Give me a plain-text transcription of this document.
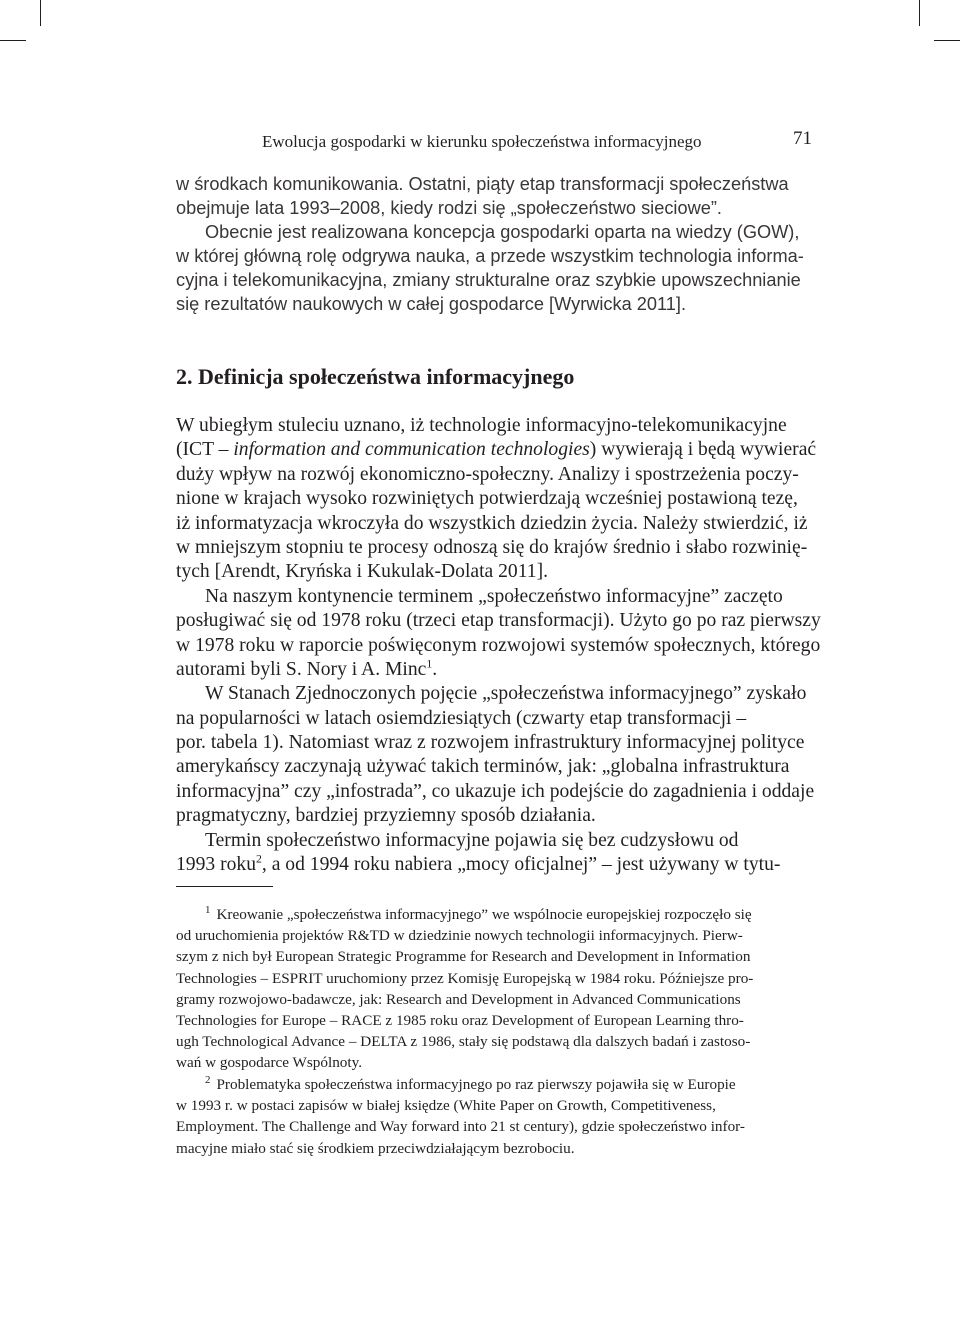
Ewolucja gospodarki w kierunku społeczeństwa informacyjnego	71
w środkach komunikowania. Ostatni, piąty etap transformacji społeczeństwa
obejmuje lata 1993–2008, kiedy rodzi się „społeczeństwo sieciowe”.
Obecnie jest realizowana koncepcja gospodarki oparta na wiedzy (GOW),
w której główną rolę odgrywa nauka, a przede wszystkim technologia informa-
cyjna i telekomunikacyjna, zmiany strukturalne oraz szybkie upowszechnianie
się rezultatów naukowych w całej gospodarce [Wyrwicka 2011].
2. Definicja społeczeństwa informacyjnego
W ubiegłym stuleciu uznano, iż technologie informacyjno-telekomunikacyjne
(ICT – information and communication technologies) wywierają i będą wywierać
duży wpływ na rozwój ekonomiczno-społeczny. Analizy i spostrzeżenia poczy-
nione w krajach wysoko rozwiniętych potwierdzają wcześniej postawioną tezę,
iż informatyzacja wkroczyła do wszystkich dziedzin życia. Należy stwierdzić, iż
w mniejszym stopniu te procesy odnoszą się do krajów średnio i słabo rozwinię-
tych [Arendt, Kryńska i Kukulak-Dolata 2011].
Na naszym kontynencie terminem „społeczeństwo informacyjne” zaczęto
posługiwać się od 1978 roku (trzeci etap transformacji). Użyto go po raz pierwszy
w 1978 roku w raporcie poświęconym rozwojowi systemów społecznych, którego
autorami byli S. Nory i A. Minc$^1$.
W Stanach Zjednoczonych pojęcie „społeczeństwa informacyjnego” zyskało
na popularności w latach osiemdziesiątych (czwarty etap transformacji –
por. tabela 1). Natomiast wraz z rozwojem infrastruktury informacyjnej polityce
amerykańscy zaczynają używać takich terminów, jak: „globalna infrastruktura
informacyjna” czy „infostrada”, co ukazuje ich podejście do zagadnienia i oddaje
pragmatyczny, bardziej przyziemny sposób działania.
Termin społeczeństwo informacyjne pojawia się bez cudzysłowu od
1993 roku$^2$, a od 1994 roku nabiera „mocy oficjalnej” – jest używany w tytu-
$^1$ Kreowanie „społeczeństwa informacyjnego” we wspólnocie europejskiej rozpoczęło się
od uruchomienia projektów R&TD w dziedzinie nowych technologii informacyjnych. Pierw-
szym z nich był European Strategic Programme for Research and Development in Information
Technologies – ESPRIT uruchomiony przez Komisję Europejską w 1984 roku. Późniejsze pro-
gramy rozwojowo-badawcze, jak: Research and Development in Advanced Communications
Technologies for Europe – RACE z 1985 roku oraz Development of European Learning thro-
ugh Technological Advance – DELTA z 1986, stały się podstawą dla dalszych badań i zastoso-
wań w gospodarce Wspólnoty.
$^2$ Problematyka społeczeństwa informacyjnego po raz pierwszy pojawiła się w Europie
w 1993 r. w postaci zapisów w białej księdze (White Paper on Growth, Competitiveness,
Employment. The Challenge and Way forward into 21 st century), gdzie społeczeństwo infor-
macyjne miało stać się środkiem przeciwdziałającym bezrobociu.
